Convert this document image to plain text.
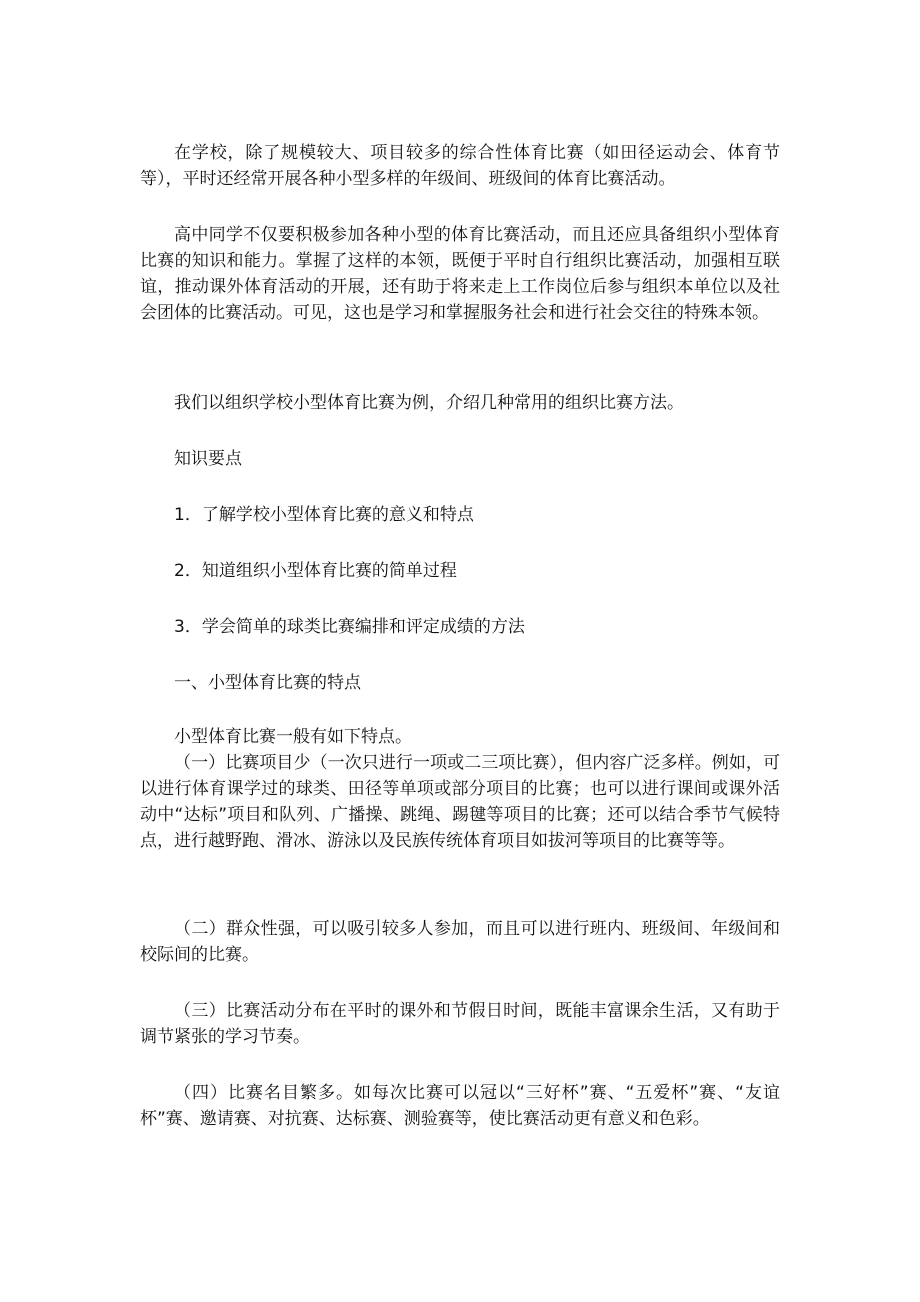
在学校，除了规模较大、项目较多的综合性体育比赛（如田径运动会、体育节等），平时还经常开展各种小型多样的年级间、班级间的体育比赛活动。

高中同学不仅要积极参加各种小型的体育比赛活动，而且还应具备组织小型体育比赛的知识和能力。掌握了这样的本领，既便于平时自行组织比赛活动，加强相互联谊，推动课外体育活动的开展，还有助于将来走上工作岗位后参与组织本单位以及社会团体的比赛活动。可见，这也是学习和掌握服务社会和进行社会交往的特殊本领。

我们以组织学校小型体育比赛为例，介绍几种常用的组织比赛方法。

知识要点

1．了解学校小型体育比赛的意义和特点

2．知道组织小型体育比赛的简单过程

3．学会简单的球类比赛编排和评定成绩的方法

一、小型体育比赛的特点

小型体育比赛一般有如下特点。

（一）比赛项目少（一次只进行一项或二三项比赛），但内容广泛多样。例如，可以进行体育课学过的球类、田径等单项或部分项目的比赛；也可以进行课间或课外活动中“达标”项目和队列、广播操、跳绳、踢毽等项目的比赛；还可以结合季节气候特点，进行越野跑、滑冰、游泳以及民族传统体育项目如拔河等项目的比赛等等。

（二）群众性强，可以吸引较多人参加，而且可以进行班内、班级间、年级间和校际间的比赛。

（三）比赛活动分布在平时的课外和节假日时间，既能丰富课余生活，又有助于调节紧张的学习节奏。

（四）比赛名目繁多。如每次比赛可以冠以“三好杯”赛、“五爱杯”赛、“友谊杯”赛、邀请赛、对抗赛、达标赛、测验赛等，使比赛活动更有意义和色彩。
